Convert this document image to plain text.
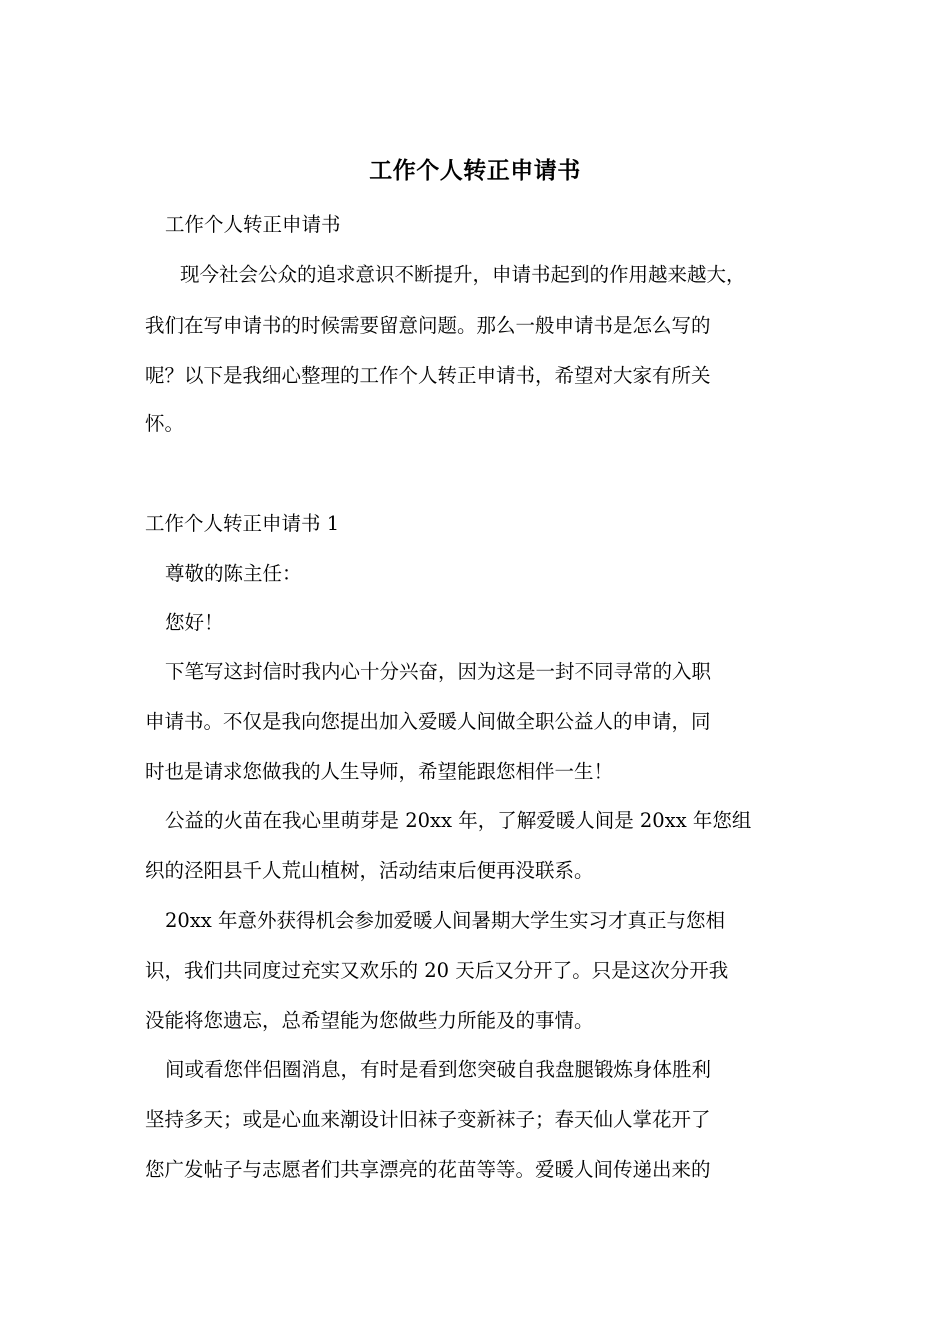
工作个人转正申请书
工作个人转正申请书
现今社会公众的追求意识不断提升，申请书起到的作用越来越大，
我们在写申请书的时候需要留意问题。那么一般申请书是怎么写的
呢？以下是我细心整理的工作个人转正申请书，希望对大家有所关
怀。
工作个人转正申请书 1
尊敬的陈主任：
您好！
下笔写这封信时我内心十分兴奋，因为这是一封不同寻常的入职
申请书。不仅是我向您提出加入爱暖人间做全职公益人的申请，同
时也是请求您做我的人生导师，希望能跟您相伴一生！
公益的火苗在我心里萌芽是 20xx 年，了解爱暖人间是 20xx 年您组
织的泾阳县千人荒山植树，活动结束后便再没联系。
20xx 年意外获得机会参加爱暖人间暑期大学生实习才真正与您相
识，我们共同度过充实又欢乐的 20 天后又分开了。只是这次分开我
没能将您遗忘，总希望能为您做些力所能及的事情。
间或看您伴侣圈消息，有时是看到您突破自我盘腿锻炼身体胜利
坚持多天；或是心血来潮设计旧袜子变新袜子；春天仙人掌花开了
您广发帖子与志愿者们共享漂亮的花苗等等。爱暖人间传递出来的
